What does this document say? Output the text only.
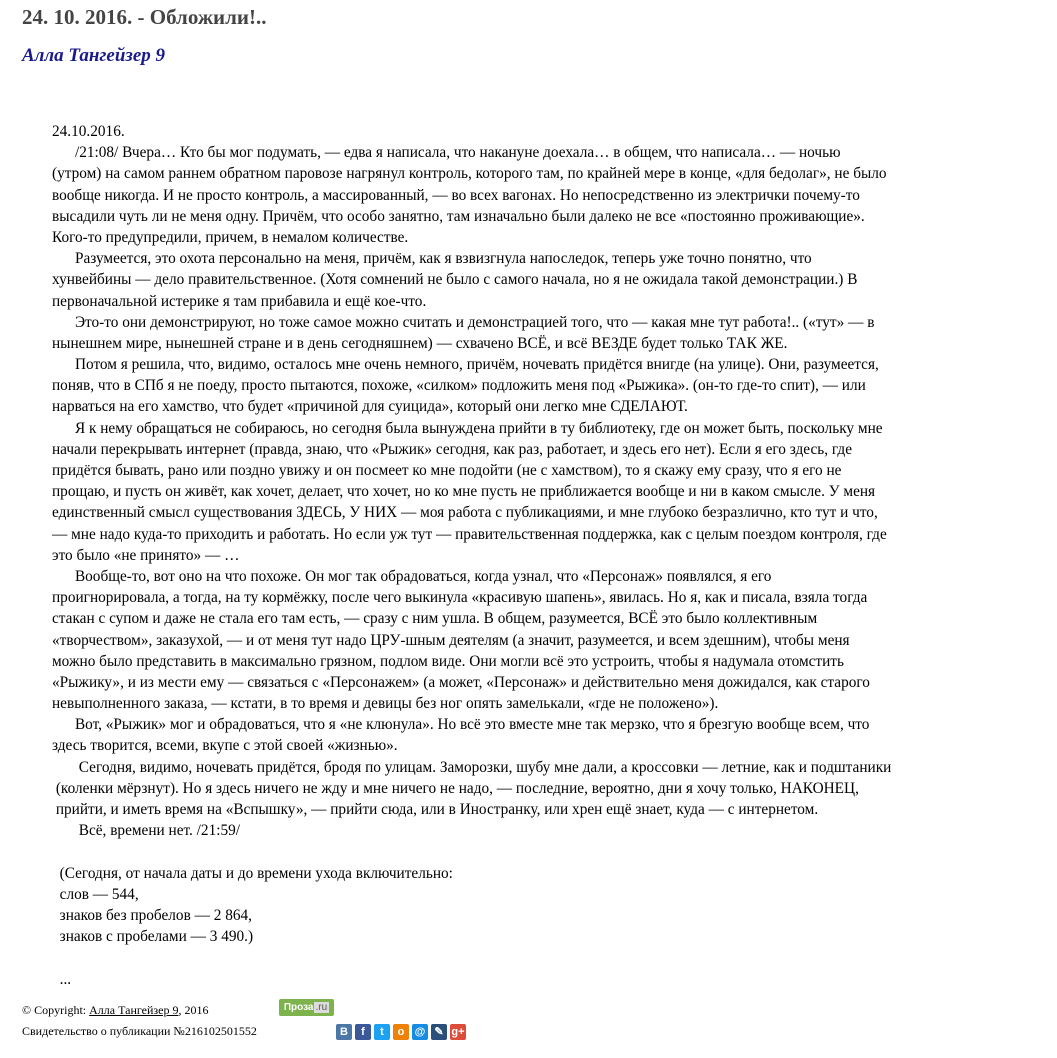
24. 10. 2016. - Обложили!..
Алла Тангейзер 9
24.10.2016.
/21:08/ Вчера… Кто бы мог подумать, — едва я написала, что накануне доехала… в общем, что написала… — ночью
(утром) на самом раннем обратном паровозе нагрянул контроль, которого там, по крайней мере в конце, «для бедолаг», не было
вообще никогда. И не просто контроль, а массированный, — во всех вагонах. Но непосредственно из электрички почему-то
высадили чуть ли не меня одну. Причём, что особо занятно, там изначально были далеко не все «постоянно проживающие».
Кого-то предупредили, причем, в немалом количестве.
Разумеется, это охота персонально на меня, причём, как я взвизгнула напоследок, теперь уже точно понятно, что
хунвейбины — дело правительственное. (Хотя сомнений не было с самого начала, но я не ожидала такой демонстрации.) В
первоначальной истерике я там прибавила и ещё кое-что.
Это-то они демонстрируют, но тоже самое можно считать и демонстрацией того, что — какая мне тут работа!.. («тут» — в
нынешнем мире, нынешней стране и в день сегодняшнем) — схвачено ВСЁ, и всё ВЕЗДЕ будет только ТАК ЖЕ.
Потом я решила, что, видимо, осталось мне очень немного, причём, ночевать придётся внигде (на улице). Они, разумеется,
поняв, что в СПб я не поеду, просто пытаются, похоже, «силком» подложить меня под «Рыжика». (он-то где-то спит), — или
нарваться на его хамство, что будет «причиной для суицида», который они легко мне СДЕЛАЮТ.
Я к нему обращаться не собираюсь, но сегодня была вынуждена прийти в ту библиотеку, где он может быть, поскольку мне
начали перекрывать интернет (правда, знаю, что «Рыжик» сегодня, как раз, работает, и здесь его нет). Если я его здесь, где
придётся бывать, рано или поздно увижу и он посмеет ко мне подойти (не с хамством), то я скажу ему сразу, что я его не
прощаю, и пусть он живёт, как хочет, делает, что хочет, но ко мне пусть не приближается вообще и ни в каком смысле. У меня
единственный смысл существования ЗДЕСЬ, У НИХ — моя работа с публикациями, и мне глубоко безразлично, кто тут и что,
— мне надо куда-то приходить и работать. Но если уж тут — правительственная поддержка, как с целым поездом контроля, где
это было «не принято» — …
Вообще-то, вот оно на что похоже. Он мог так обрадоваться, когда узнал, что «Персонаж» появлялся, я его
проигнорировала, а тогда, на ту кормёжку, после чего выкинула «красивую шапень», явилась. Но я, как и писала, взяла тогда
стакан с супом и даже не стала его там есть, — сразу с ним ушла. В общем, разумеется, ВСЁ это было коллективным
«творчеством», заказухой, — и от меня тут надо ЦРУ-шным деятелям (а значит, разумеется, и всем здешним), чтобы меня
можно было представить в максимально грязном, подлом виде. Они могли всё это устроить, чтобы я надумала отомстить
«Рыжику», и из мести ему — связаться с «Персонажем» (а может, «Персонаж» и действительно меня дожидался, как старого
невыполненного заказа, — кстати, в то время и девицы без ног опять замелькали, «где не положено»).
Вот, «Рыжик» мог и обрадоваться, что я «не клюнула». Но всё это вместе мне так мерзко, что я брезгую вообще всем, что
здесь творится, всеми, вкупе с этой своей «жизнью».
Сегодня, видимо, ночевать придётся, бродя по улицам. Заморозки, шубу мне дали, а кроссовки — летние, как и подштаники
(коленки мёрзнут). Но я здесь ничего не жду и мне ничего не надо, — последние, вероятно, дни я хочу только, НАКОНЕЦ,
прийти, и иметь время на «Вспышку», — прийти сюда, или в Иностранку, или хрен ещё знает, куда — с интернетом.
Всё, времени нет. /21:59/
(Сегодня, от начала даты и до времени ухода включительно:
слов — 544,
знаков без пробелов — 2 864,
знаков с пробелами — 3 490.)
...
© Copyright: Алла Тангейзер 9, 2016	Проза .ru
Свидетельство о публикации №216102501552	В	f	t	о @ ✎ g+
